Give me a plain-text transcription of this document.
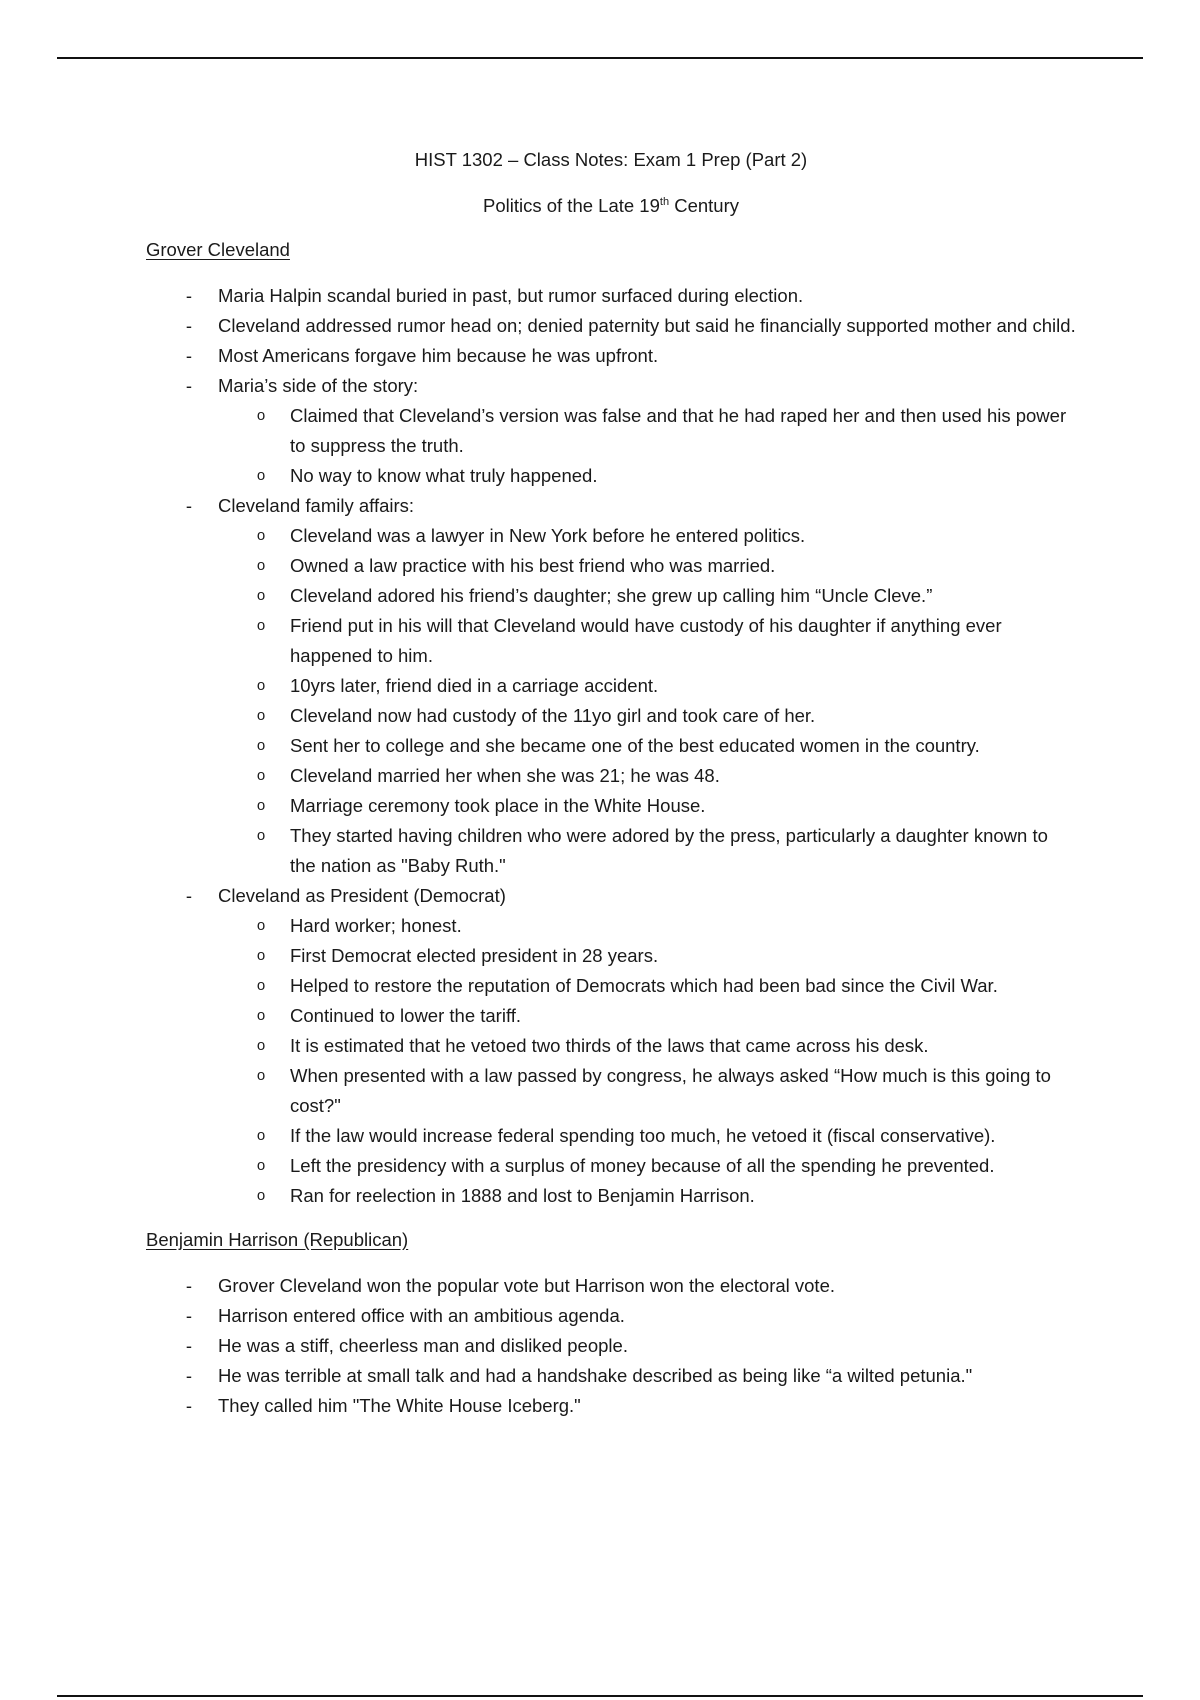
HIST 1302 – Class Notes: Exam 1 Prep (Part 2)
Politics of the Late 19th Century
Grover Cleveland
- Maria Halpin scandal buried in past, but rumor surfaced during election.
- Cleveland addressed rumor head on; denied paternity but said he financially supported mother and child.
- Most Americans forgave him because he was upfront.
- Maria’s side of the story:
o Claimed that Cleveland’s version was false and that he had raped her and then used his power to suppress the truth.
o No way to know what truly happened.
- Cleveland family affairs:
o Cleveland was a lawyer in New York before he entered politics.
o Owned a law practice with his best friend who was married.
o Cleveland adored his friend’s daughter; she grew up calling him “Uncle Cleve.”
o Friend put in his will that Cleveland would have custody of his daughter if anything ever happened to him.
o 10yrs later, friend died in a carriage accident.
o Cleveland now had custody of the 11yo girl and took care of her.
o Sent her to college and she became one of the best educated women in the country.
o Cleveland married her when she was 21; he was 48.
o Marriage ceremony took place in the White House.
o They started having children who were adored by the press, particularly a daughter known to the nation as "Baby Ruth."
- Cleveland as President (Democrat)
o Hard worker; honest.
o First Democrat elected president in 28 years.
o Helped to restore the reputation of Democrats which had been bad since the Civil War.
o Continued to lower the tariff.
o It is estimated that he vetoed two thirds of the laws that came across his desk.
o When presented with a law passed by congress, he always asked “How much is this going to cost?"
o If the law would increase federal spending too much, he vetoed it (fiscal conservative).
o Left the presidency with a surplus of money because of all the spending he prevented.
o Ran for reelection in 1888 and lost to Benjamin Harrison.
Benjamin Harrison (Republican)
- Grover Cleveland won the popular vote but Harrison won the electoral vote.
- Harrison entered office with an ambitious agenda.
- He was a stiff, cheerless man and disliked people.
- He was terrible at small talk and had a handshake described as being like “a wilted petunia."
- They called him "The White House Iceberg."
